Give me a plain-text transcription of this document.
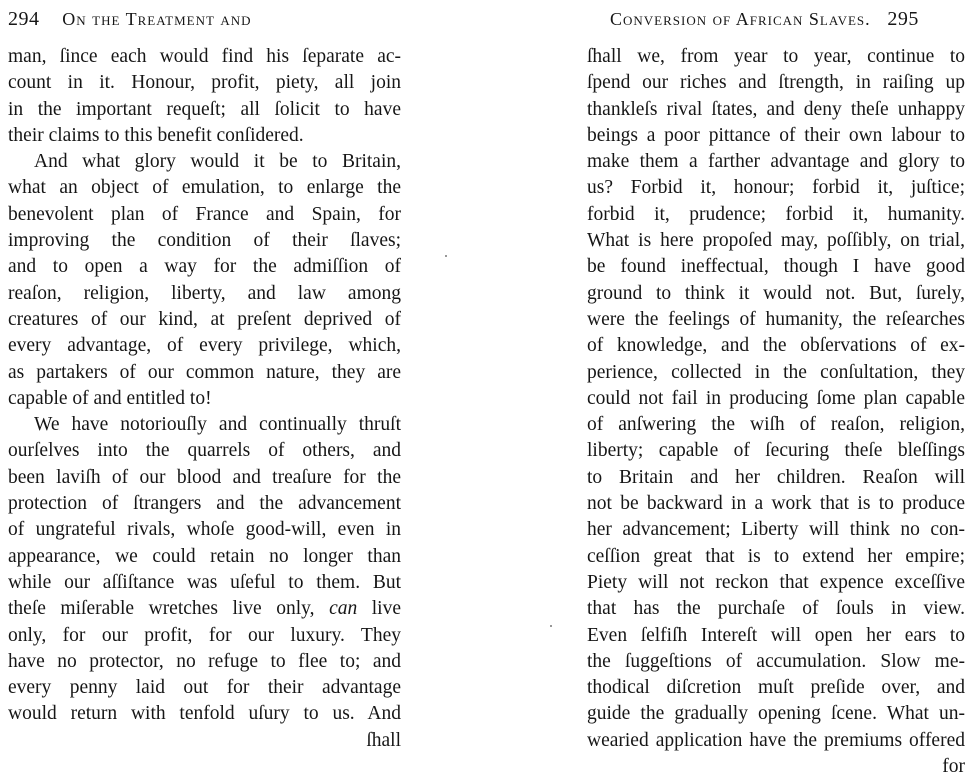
294 On the Treatment and
man, ſince each would find his ſeparate ac-
count in it. Honour, profit, piety, all join
in the important requeſt; all ſolicit to have
their claims to this benefit conſidered.
And what glory would it be to Britain,
what an object of emulation, to enlarge the
benevolent plan of France and Spain, for
improving the condition of their ſlaves;
and to open a way for the admiſſion of
reaſon, religion, liberty, and law among
creatures of our kind, at preſent deprived of
every advantage, of every privilege, which,
as partakers of our common nature, they are
capable of and entitled to!
We have notoriouſly and continually thruſt
ourſelves into the quarrels of others, and
been laviſh of our blood and treaſure for the
protection of ſtrangers and the advancement
of ungrateful rivals, whoſe good-will, even in
appearance, we could retain no longer than
while our aſſiſtance was uſeful to them. But
theſe miſerable wretches live only, can live
only, for our profit, for our luxury. They
have no protector, no refuge to flee to; and
every penny laid out for their advantage
would return with tenfold uſury to us. And
ſhall
Conversion of African Slaves. 295
ſhall we, from year to year, continue to
ſpend our riches and ſtrength, in raiſing up
thankleſs rival ſtates, and deny theſe unhappy
beings a poor pittance of their own labour to
make them a farther advantage and glory to
us? Forbid it, honour; forbid it, juſtice;
forbid it, prudence; forbid it, humanity.
What is here propoſed may, poſſibly, on trial,
be found ineffectual, though I have good
ground to think it would not. But, ſurely,
were the feelings of humanity, the reſearches
of knowledge, and the obſervations of ex-
perience, collected in the conſultation, they
could not fail in producing ſome plan capable
of anſwering the wiſh of reaſon, religion,
liberty; capable of ſecuring theſe bleſſings
to Britain and her children. Reaſon will
not be backward in a work that is to produce
her advancement; Liberty will think no con-
ceſſion great that is to extend her empire;
Piety will not reckon that expence exceſſive
that has the purchaſe of ſouls in view.
Even ſelfiſh Intereſt will open her ears to
the ſuggeſtions of accumulation. Slow me-
thodical diſcretion muſt preſide over, and
guide the gradually opening ſcene. What un-
wearied application have the premiums offered
for
